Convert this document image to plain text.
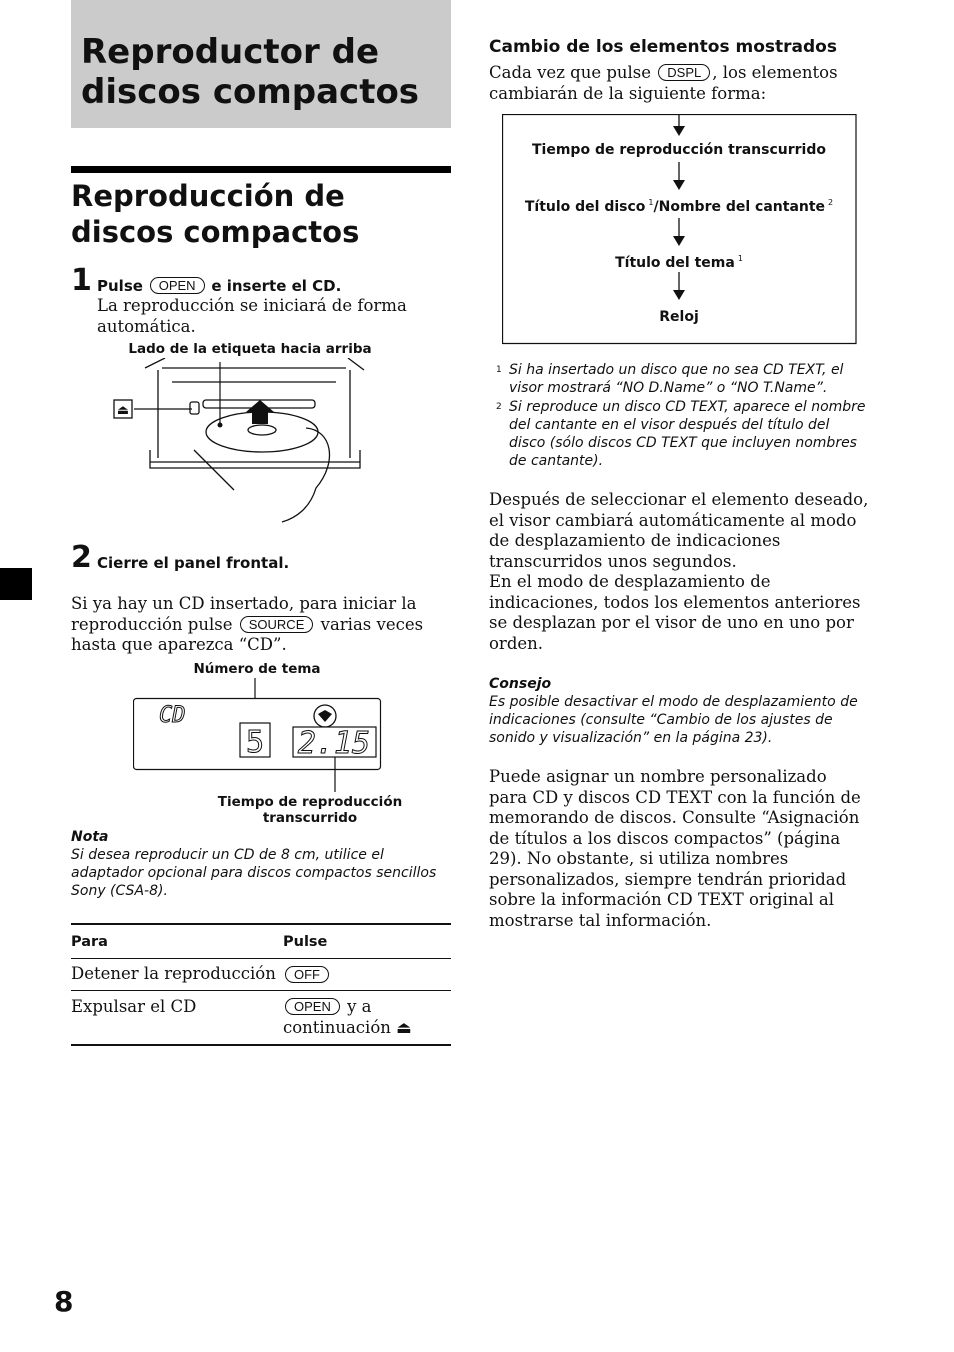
Reproductor de discos compactos
Reproducción de discos compactos
1 Pulse OPEN e inserte el CD.
La reproducción se iniciará de forma automática.
Lado de la etiqueta hacia arriba
⏏
2 Cierre el panel frontal.
Si ya hay un CD insertado, para iniciar la reproducción pulse SOURCE varias veces hasta que aparezca “CD”.
Número de tema
CD
5 2.15
Tiempo de reproducción transcurrido
Nota
Si desea reproducir un CD de 8 cm, utilice el adaptador opcional para discos compactos sencillos Sony (CSA-8).
Para	Pulse
Detener la reproducción	OFF
Expulsar el CD	OPEN y a continuación ⏏
Cambio de los elementos mostrados
Cada vez que pulse DSPL , los elementos cambiarán de la siguiente forma:
Tiempo de reproducción transcurrido
Título del disco $^1$/Nombre del cantante $^2$
Título del tema $^1$
Reloj
1 Si ha insertado un disco que no sea CD TEXT, el visor mostrará “NO D.Name” o “NO T.Name”.
2 Si reproduce un disco CD TEXT, aparece el nombre del cantante en el visor después del título del disco (sólo discos CD TEXT que incluyen nombres de cantante).
Después de seleccionar el elemento deseado, el visor cambiará automáticamente al modo de desplazamiento de indicaciones transcurridos unos segundos.
En el modo de desplazamiento de indicaciones, todos los elementos anteriores se desplazan por el visor de uno en uno por orden.
Consejo
Es posible desactivar el modo de desplazamiento de indicaciones (consulte “Cambio de los ajustes de sonido y visualización” en la página 23).
Puede asignar un nombre personalizado para CD y discos CD TEXT con la función de memorando de discos. Consulte “Asignación de títulos a los discos compactos” (página 29). No obstante, si utiliza nombres personalizados, siempre tendrán prioridad sobre la información CD TEXT original al mostrarse tal información.
8
